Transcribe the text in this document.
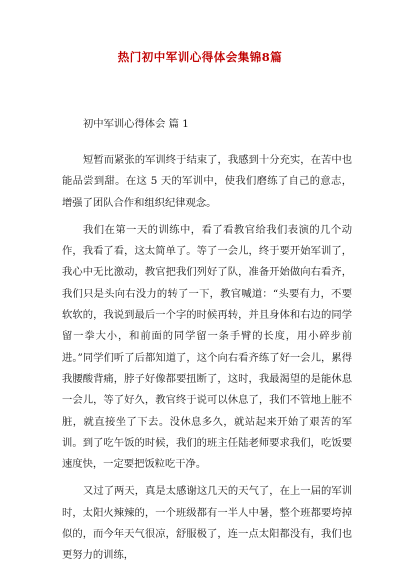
热门初中军训心得体会集锦8篇
初中军训心得体会 篇 1

短暂而紧张的军训终于结束了，我感到十分充实，在苦中也能品尝到甜。在这 5 天的军训中，使我们磨练了自己的意志，增强了团队合作和组织纪律观念。

我们在第一天的训练中，看了看教官给我们表演的几个动作，我看了看，这太简单了。等了一会儿，终于要开始军训了，我心中无比激动，教官把我们列好了队，准备开始做向右看齐，我们只是头向右没力的转了一下，教官喊道：“头要有力，不要软软的，我说到最后一个字的时候再转，并且身体和右边的同学留一拳大小，和前面的同学留一条手臂的长度，用小碎步前进。”同学们听了后都知道了，这个向右看齐练了好一会儿，累得我腰酸背痛，脖子好像都要扭断了，这时，我最渴望的是能休息一会儿，等了好久，教官终于说可以休息了，我们不管地上脏不脏，就直接坐了下去。没休息多久，就站起来开始了艰苦的军训。到了吃午饭的时候，我们的班主任陆老师要求我们，吃饭要速度快，一定要把饭粒吃干净。

又过了两天，真是太感谢这几天的天气了，在上一届的军训时，太阳火辣辣的，一个班级都有一半人中暑，整个班都要垮掉似的，而今年天气很凉，舒服极了，连一点太阳都没有，我们也更努力的训练，
